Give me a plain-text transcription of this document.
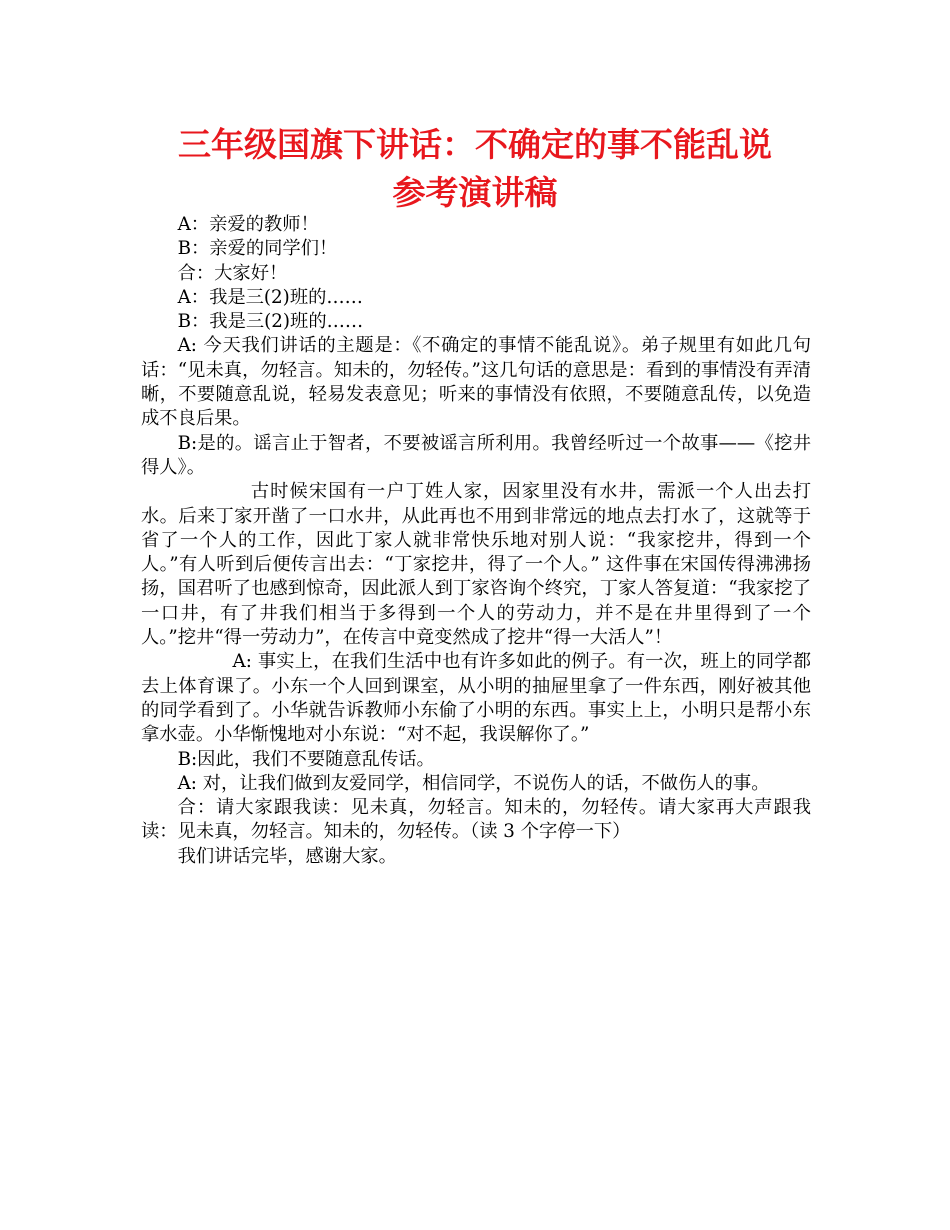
三年级国旗下讲话：不确定的事不能乱说
参考演讲稿

A：亲爱的教师！

B：亲爱的同学们！

合：大家好！

A：我是三(2)班的……

B：我是三(2)班的……

A: 今天我们讲话的主题是：《不确定的事情不能乱说》。弟子规里有如此几句话：“见未真，勿轻言。知未的，勿轻传。”这几句话的意思是：看到的事情没有弄清晰，不要随意乱说，轻易发表意见；听来的事情没有依照，不要随意乱传，以免造成不良后果。

B:是的。谣言止于智者，不要被谣言所利用。我曾经听过一个故事——《挖井得人》。

古时候宋国有一户丁姓人家，因家里没有水井，需派一个人出去打水。后来丁家开凿了一口水井，从此再也不用到非常远的地点去打水了，这就等于省了一个人的工作，因此丁家人就非常快乐地对别人说：“我家挖井，得到一个人。”有人听到后便传言出去：“丁家挖井，得了一个人。” 这件事在宋国传得沸沸扬扬，国君听了也感到惊奇，因此派人到丁家咨询个终究，丁家人答复道：“我家挖了一口井，有了井我们相当于多得到一个人的劳动力，并不是在井里得到了一个人。”挖井“得一劳动力”，在传言中竟变然成了挖井“得一大活人”！

A: 事实上，在我们生活中也有许多如此的例子。有一次，班上的同学都去上体育课了。小东一个人回到课室，从小明的抽屉里拿了一件东西，刚好被其他的同学看到了。小华就告诉教师小东偷了小明的东西。事实上上，小明只是帮小东拿水壶。小华惭愧地对小东说：“对不起，我误解你了。”

B:因此，我们不要随意乱传话。

A: 对，让我们做到友爱同学，相信同学，不说伤人的话，不做伤人的事。

合：请大家跟我读：见未真，勿轻言。知未的，勿轻传。请大家再大声跟我读：见未真，勿轻言。知未的，勿轻传。（读 3 个字停一下）

我们讲话完毕，感谢大家。
